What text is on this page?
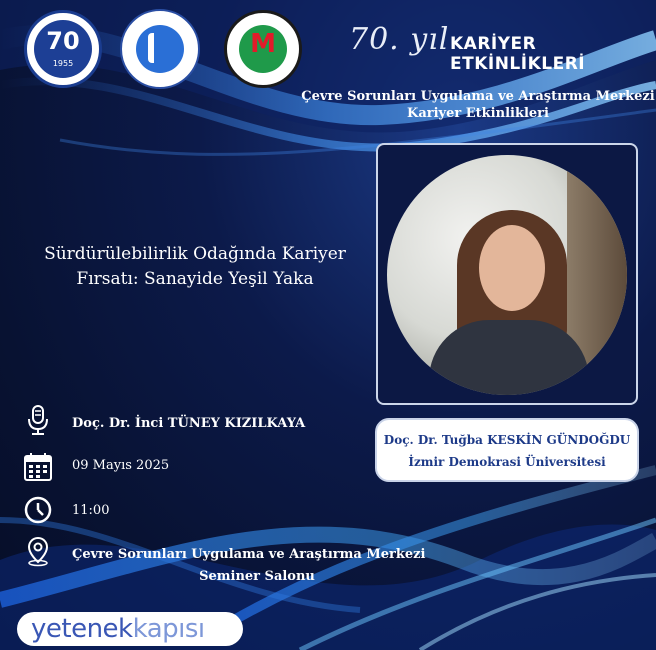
70
1955
M	70. yıl KARİYER ETKİNLİKLERİ
Çevre Sorunları Uygulama ve Araştırma Merkezi
Kariyer Etkinlikleri
Sürdürülebilirlik Odağında Kariyer
Fırsatı: Sanayide Yeşil Yaka
Doç. Dr. Tuğba KESKİN GÜNDOĞDU
İzmir Demokrasi Üniversitesi
Doç. Dr. İnci TÜNEY KIZILKAYA
09 Mayıs 2025
11:00
Çevre Sorunları Uygulama ve Araştırma Merkezi
Seminer Salonu
yetenekkapısı
